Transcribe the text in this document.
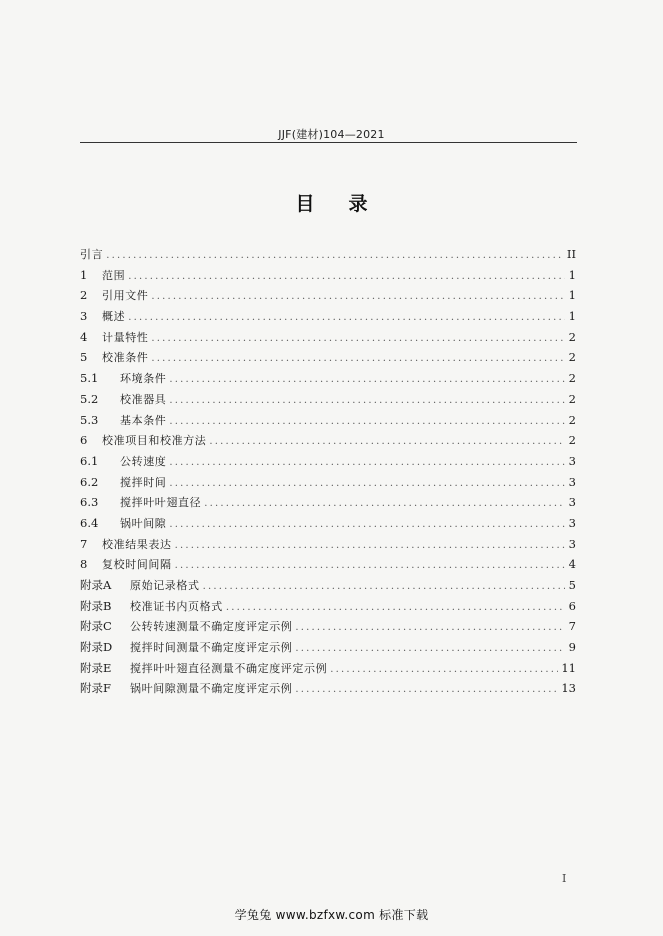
JJF(建材)104—2021
目录
引言 .....	II
1	范围 .....	1
2	引用文件 .....	1
3	概述 .....	1
4	计量特性 .....	2
5	校准条件 .....	2
5.1	环境条件 .....	2
5.2	校准器具 .....	2
5.3	基本条件 .....	2
6	校准项目和校准方法 .....	2
6.1	公转速度 .....	3
6.2	搅拌时间 .....	3
6.3	搅拌叶叶翅直径 .....	3
6.4	锅叶间隙 .....	3
7	校准结果表达 .....	3
8	复校时间间隔 .....	4
附录A	原始记录格式 .....	5
附录B	校准证书内页格式 .....	6
附录C	公转转速测量不确定度评定示例 .....	7
附录D	搅拌时间测量不确定度评定示例 .....	9
附录E	搅拌叶叶翅直径测量不确定度评定示例 .....	11
附录F	锅叶间隙测量不确定度评定示例 .....	13
I
学兔兔 www.bzfxw.com 标准下载
